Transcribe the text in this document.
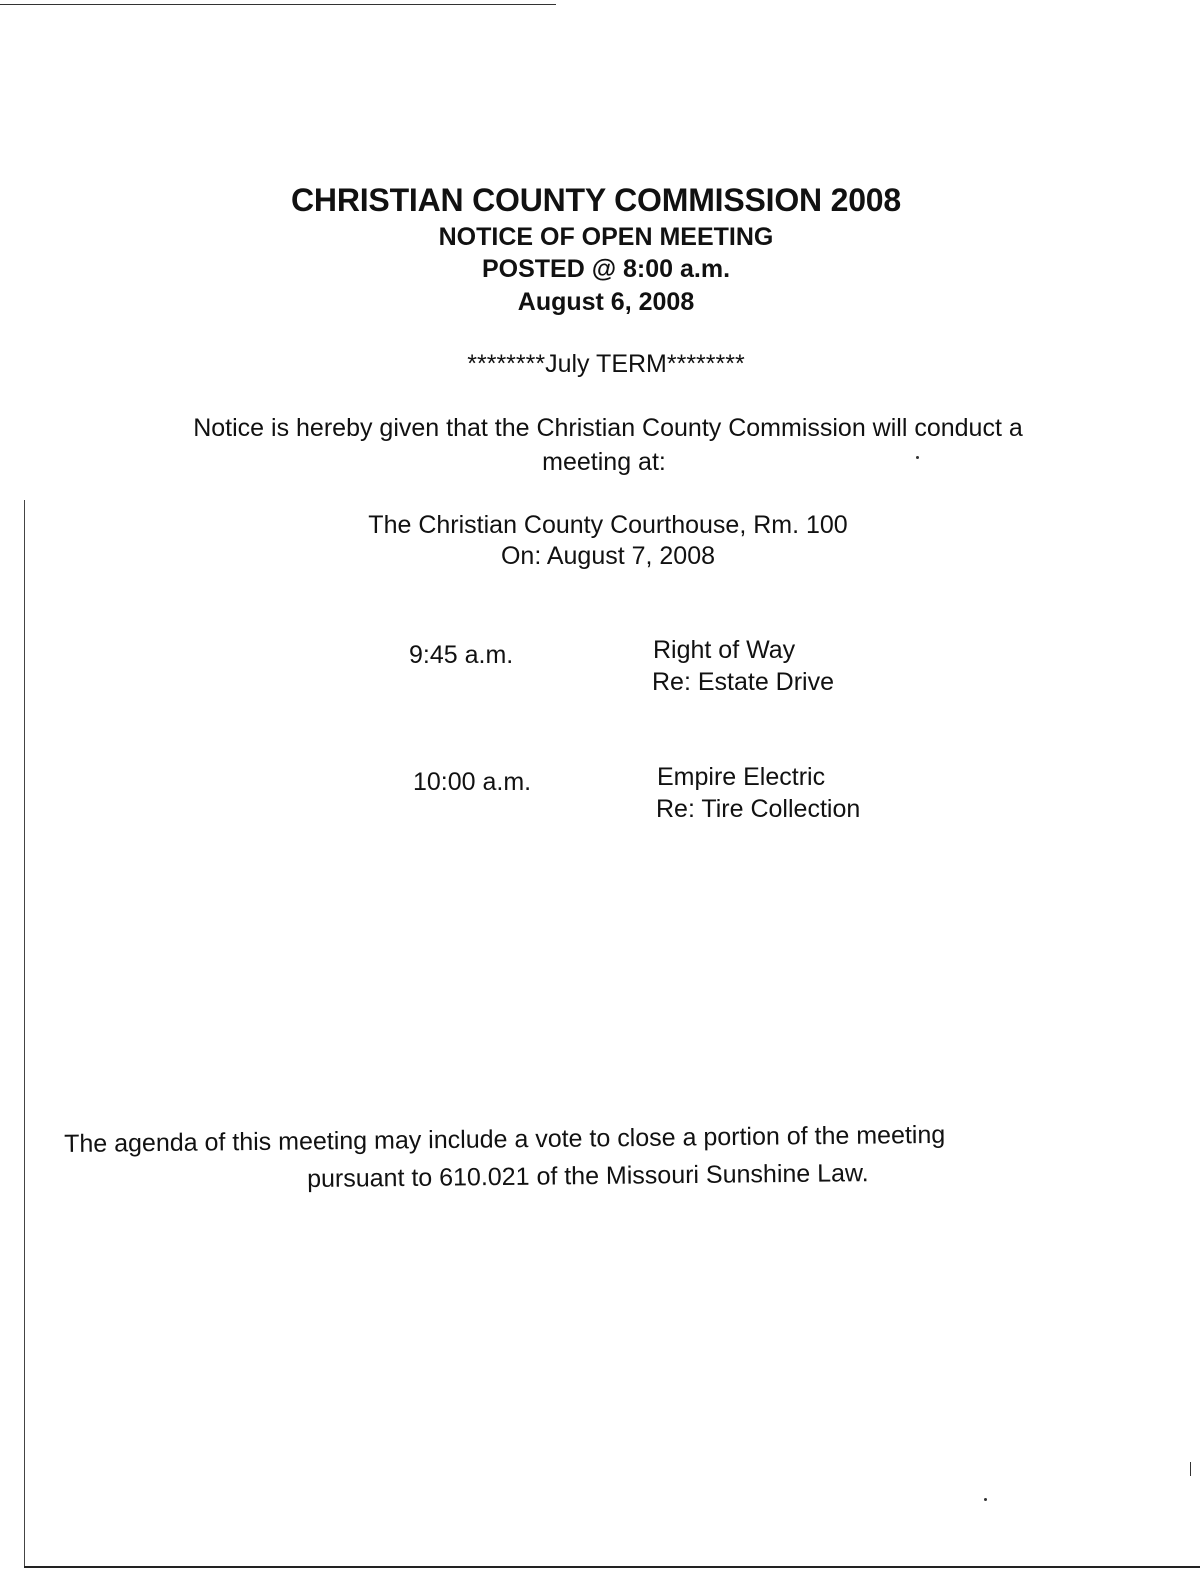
CHRISTIAN COUNTY COMMISSION 2008
NOTICE OF OPEN MEETING
POSTED @ 8:00 a.m.
August 6, 2008
********July TERM********
Notice is hereby given that the Christian County Commission will conduct a
meeting at:
The Christian County Courthouse, Rm. 100
On: August 7, 2008
9:45 a.m.	Right of Way
Re: Estate Drive
10:00 a.m.	Empire Electric
Re: Tire Collection
The agenda of this meeting may include a vote to close a portion of the meeting
pursuant to 610.021 of the Missouri Sunshine Law.
